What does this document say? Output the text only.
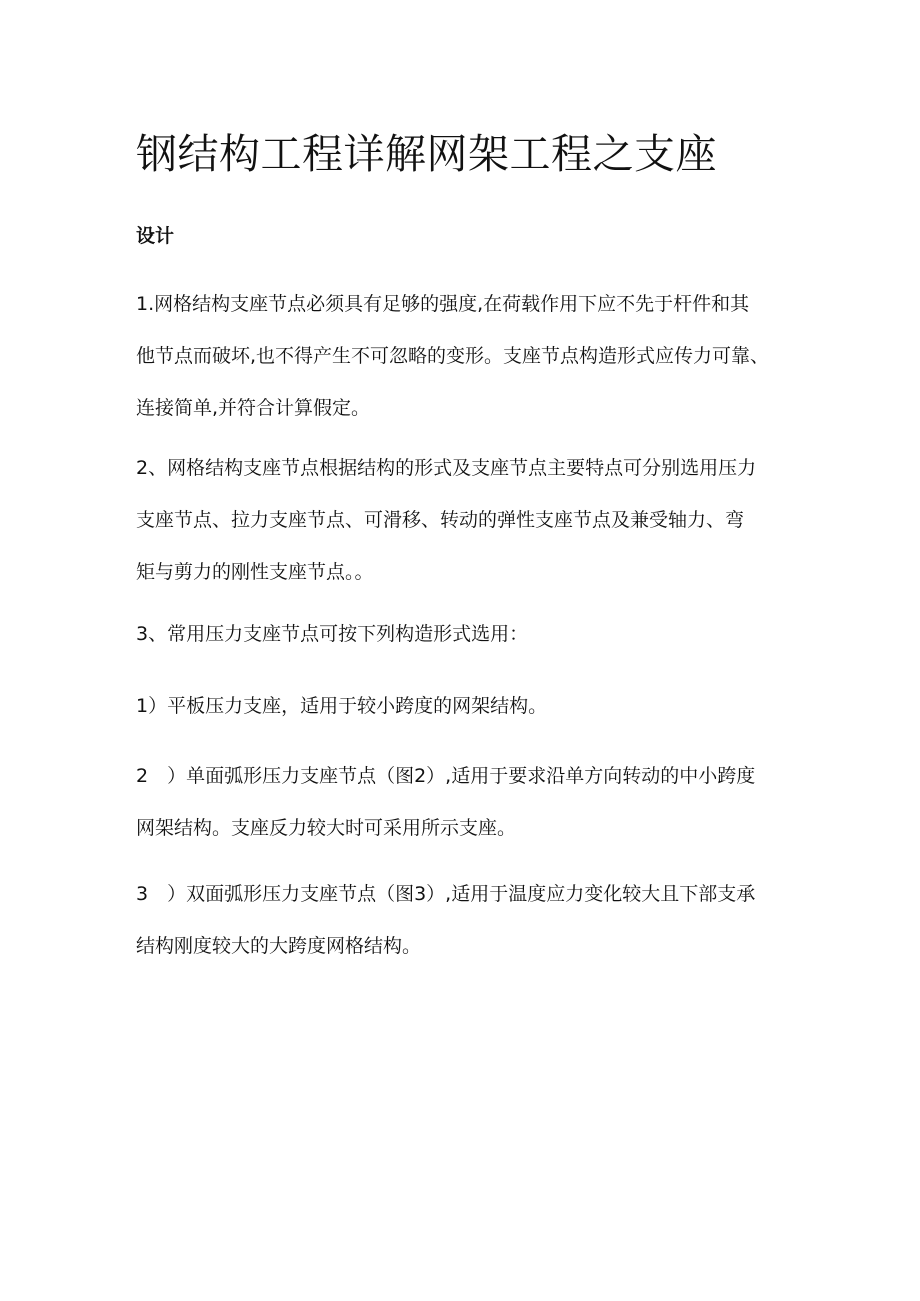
钢结构工程详解网架工程之支座
设计

1.网格结构支座节点必须具有足够的强度,在荷载作用下应不先于杆件和其
他节点而破坏,也不得产生不可忽略的变形。支座节点构造形式应传力可靠、
连接简单,并符合计算假定。

2、网格结构支座节点根据结构的形式及支座节点主要特点可分别选用压力
支座节点、拉力支座节点、可滑移、转动的弹性支座节点及兼受轴力、弯
矩与剪力的刚性支座节点。。

3、常用压力支座节点可按下列构造形式选用：

1）平板压力支座，适用于较小跨度的网架结构。

2　）单面弧形压力支座节点（图2）,适用于要求沿单方向转动的中小跨度
网架结构。支座反力较大时可采用所示支座。

3　）双面弧形压力支座节点（图3）,适用于温度应力变化较大且下部支承
结构刚度较大的大跨度网格结构。
